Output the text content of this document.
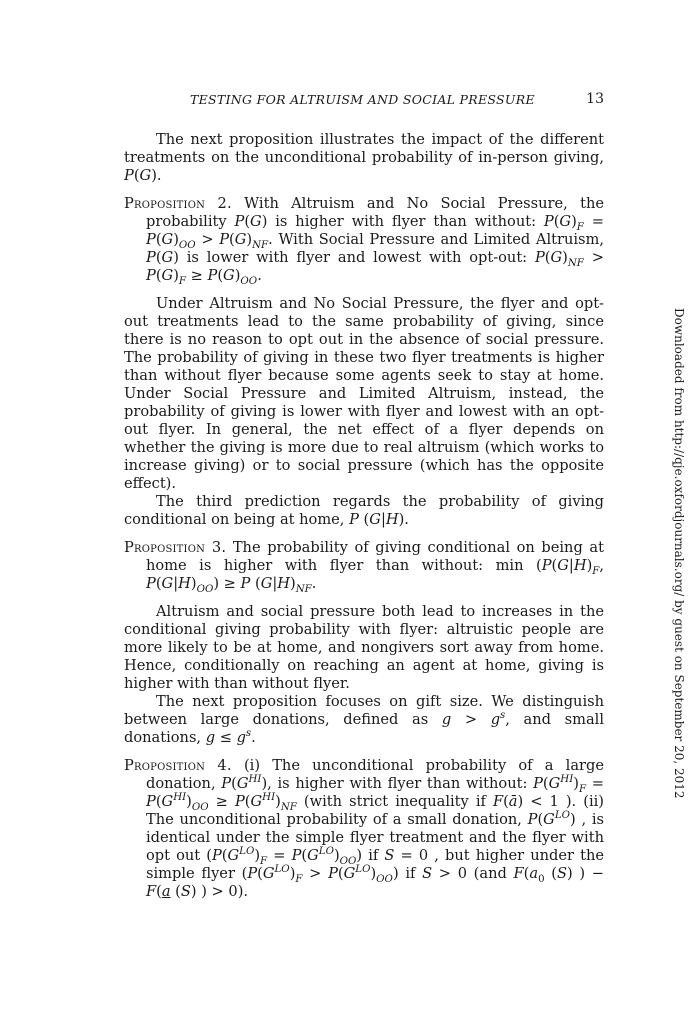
TESTING FOR ALTRUISM AND SOCIAL PRESSURE	13
Downloaded from http://qje.oxfordjournals.org/ by guest on September 20, 2012

The next proposition illustrates the impact of the different treatments on the unconditional probability of in-person giving, P(G).

Proposition 2. With Altruism and No Social Pressure, the probability P(G) is higher with flyer than without: $P(G)_F = P(G)_{OO} > P(G)_{NF}$. With Social Pressure and Limited Altruism, P(G) is lower with flyer and lowest with opt-out: $P(G)_{NF} > P(G)_F \ge P(G)_{OO}$.

Under Altruism and No Social Pressure, the flyer and opt-out treatments lead to the same probability of giving, since there is no reason to opt out in the absence of social pressure. The probability of giving in these two flyer treatments is higher than without flyer because some agents seek to stay at home. Under Social Pressure and Limited Altruism, instead, the probability of giving is lower with flyer and lowest with an opt-out flyer. In general, the net effect of a flyer depends on whether the giving is more due to real altruism (which works to increase giving) or to social pressure (which has the opposite effect).

The third prediction regards the probability of giving conditional on being at home, P (G|H).

Proposition 3. The probability of giving conditional on being at home is higher with flyer than without: $\min (P(G|H)_F$, $P(G|H)_{OO}) \ge P$ $(G|H)_{NF}$.

Altruism and social pressure both lead to increases in the conditional giving probability with flyer: altruistic people are more likely to be at home, and nongivers sort away from home. Hence, conditionally on reaching an agent at home, giving is higher with than without flyer.

The next proposition focuses on gift size. We distinguish between large donations, defined as $g > g^s$, and small donations, $g \le g^s$.

Proposition 4. (i) The unconditional probability of a large donation, $P(G^{HI})$, is higher with flyer than without: $P(G^{HI})_F = P(G^{HI})_{OO} \ge P(G^{HI})_{NF}$ (with strict inequality if F(ā) < 1 ). (ii) The unconditional probability of a small donation, $P(G^{LO})$ , is identical under the simple flyer treatment and the flyer with opt out $(P(G^{LO})_F = P(G^{LO})_{OO})$ if S = 0 , but higher under the simple flyer $(P(G^{LO})_F > P(G^{LO})_{OO})$ if S > 0 (and $F(a_0$ (S) ) − F(a (S) ) > 0).
